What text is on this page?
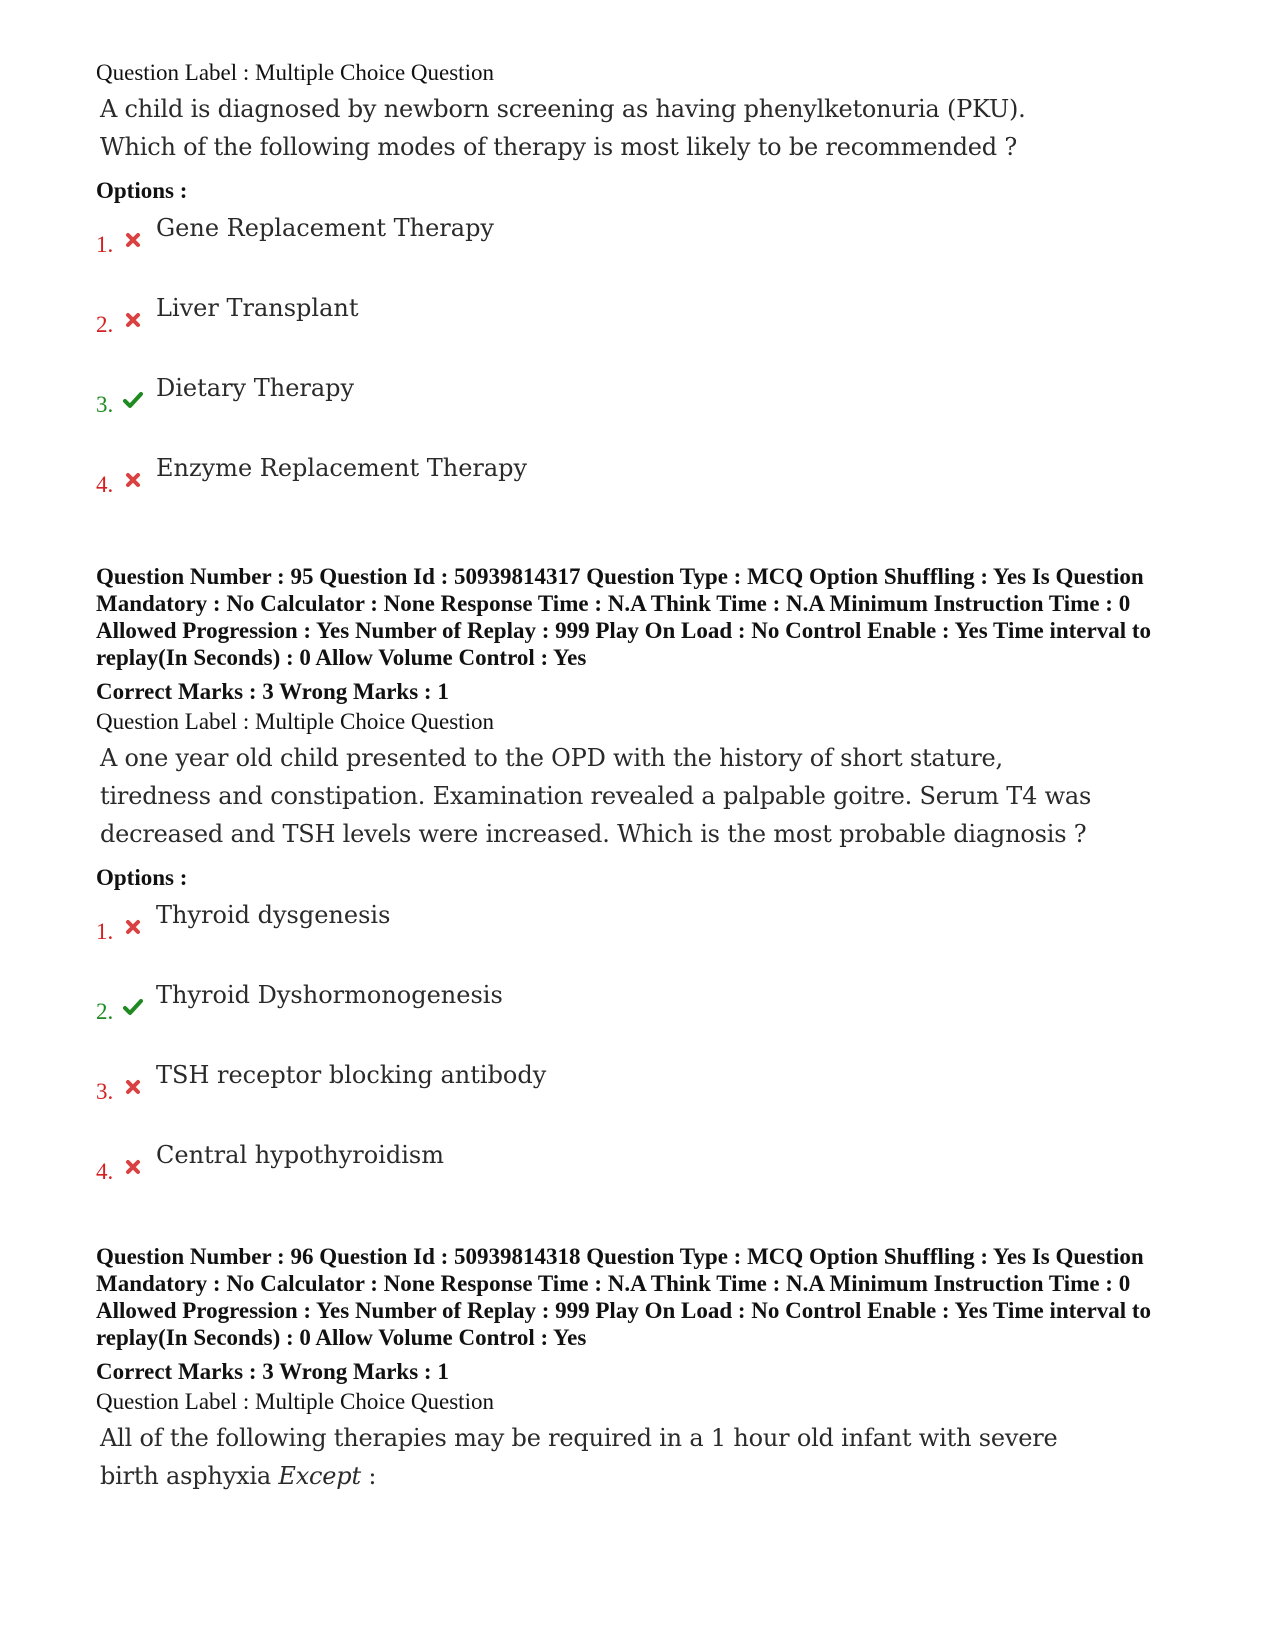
Question Label : Multiple Choice Question

A child is diagnosed by newborn screening as having phenylketonuria (PKU). Which of the following modes of therapy is most likely to be recommended ?

Options :

1.
Gene Replacement Therapy
2.
Liver Transplant
3.
Dietary Therapy
4.
Enzyme Replacement Therapy

Question Number : 95 Question Id : 50939814317 Question Type : MCQ Option Shuffling : Yes Is Question Mandatory : No Calculator : None Response Time : N.A Think Time : N.A Minimum Instruction Time : 0 Allowed Progression : Yes Number of Replay : 999 Play On Load : No Control Enable : Yes Time interval to replay(In Seconds) : 0 Allow Volume Control : Yes

Correct Marks : 3 Wrong Marks : 1

Question Label : Multiple Choice Question

A one year old child presented to the OPD with the history of short stature, tiredness and constipation. Examination revealed a palpable goitre. Serum T4 was decreased and TSH levels were increased. Which is the most probable diagnosis ?

Options :

1.
Thyroid dysgenesis
2.
Thyroid Dyshormonogenesis
3.
TSH receptor blocking antibody
4.
Central hypothyroidism

Question Number : 96 Question Id : 50939814318 Question Type : MCQ Option Shuffling : Yes Is Question Mandatory : No Calculator : None Response Time : N.A Think Time : N.A Minimum Instruction Time : 0 Allowed Progression : Yes Number of Replay : 999 Play On Load : No Control Enable : Yes Time interval to replay(In Seconds) : 0 Allow Volume Control : Yes

Correct Marks : 3 Wrong Marks : 1

Question Label : Multiple Choice Question

All of the following therapies may be required in a 1 hour old infant with severe birth asphyxia Except :
